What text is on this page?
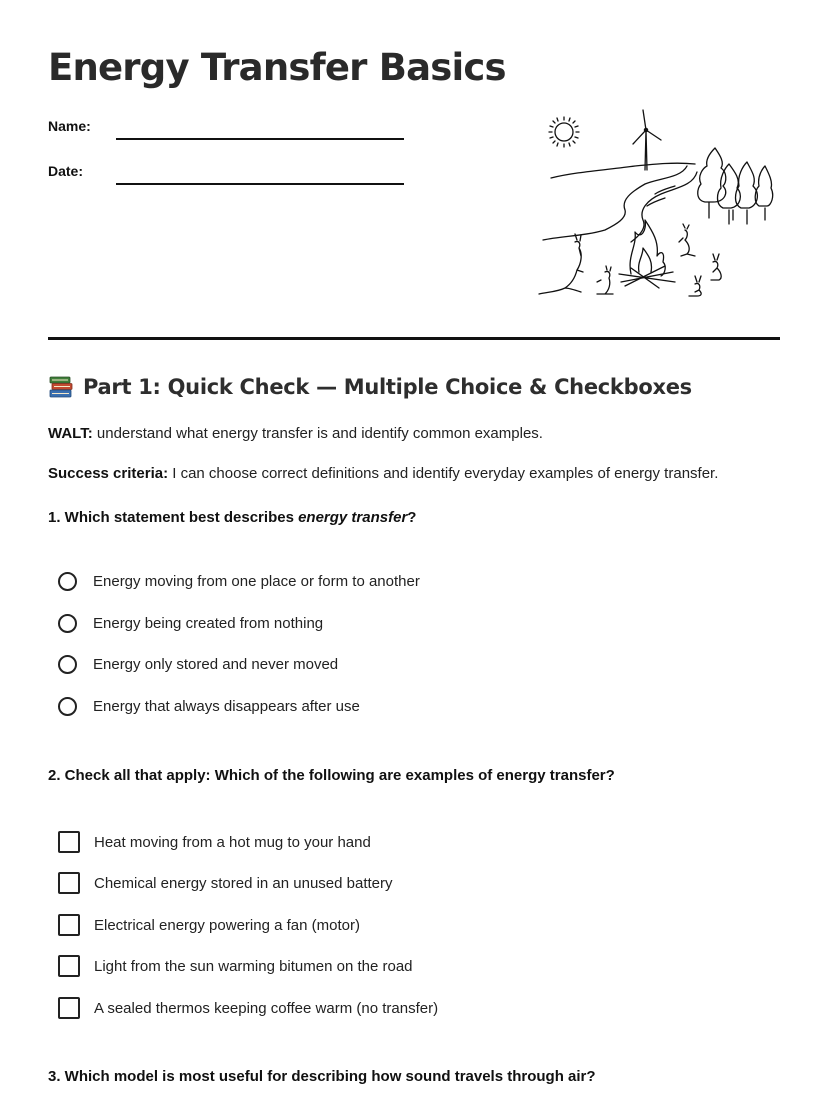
Energy Transfer Basics
Name:
Date:
Part 1: Quick Check — Multiple Choice & Checkboxes
WALT: understand what energy transfer is and identify common examples.
Success criteria: I can choose correct definitions and identify everyday examples of energy transfer.
1. Which statement best describes energy transfer?
Energy moving from one place or form to another
Energy being created from nothing
Energy only stored and never moved
Energy that always disappears after use
2. Check all that apply: Which of the following are examples of energy transfer?
Heat moving from a hot mug to your hand
Chemical energy stored in an unused battery
Electrical energy powering a fan (motor)
Light from the sun warming bitumen on the road
A sealed thermos keeping coffee warm (no transfer)
3. Which model is most useful for describing how sound travels through air?
